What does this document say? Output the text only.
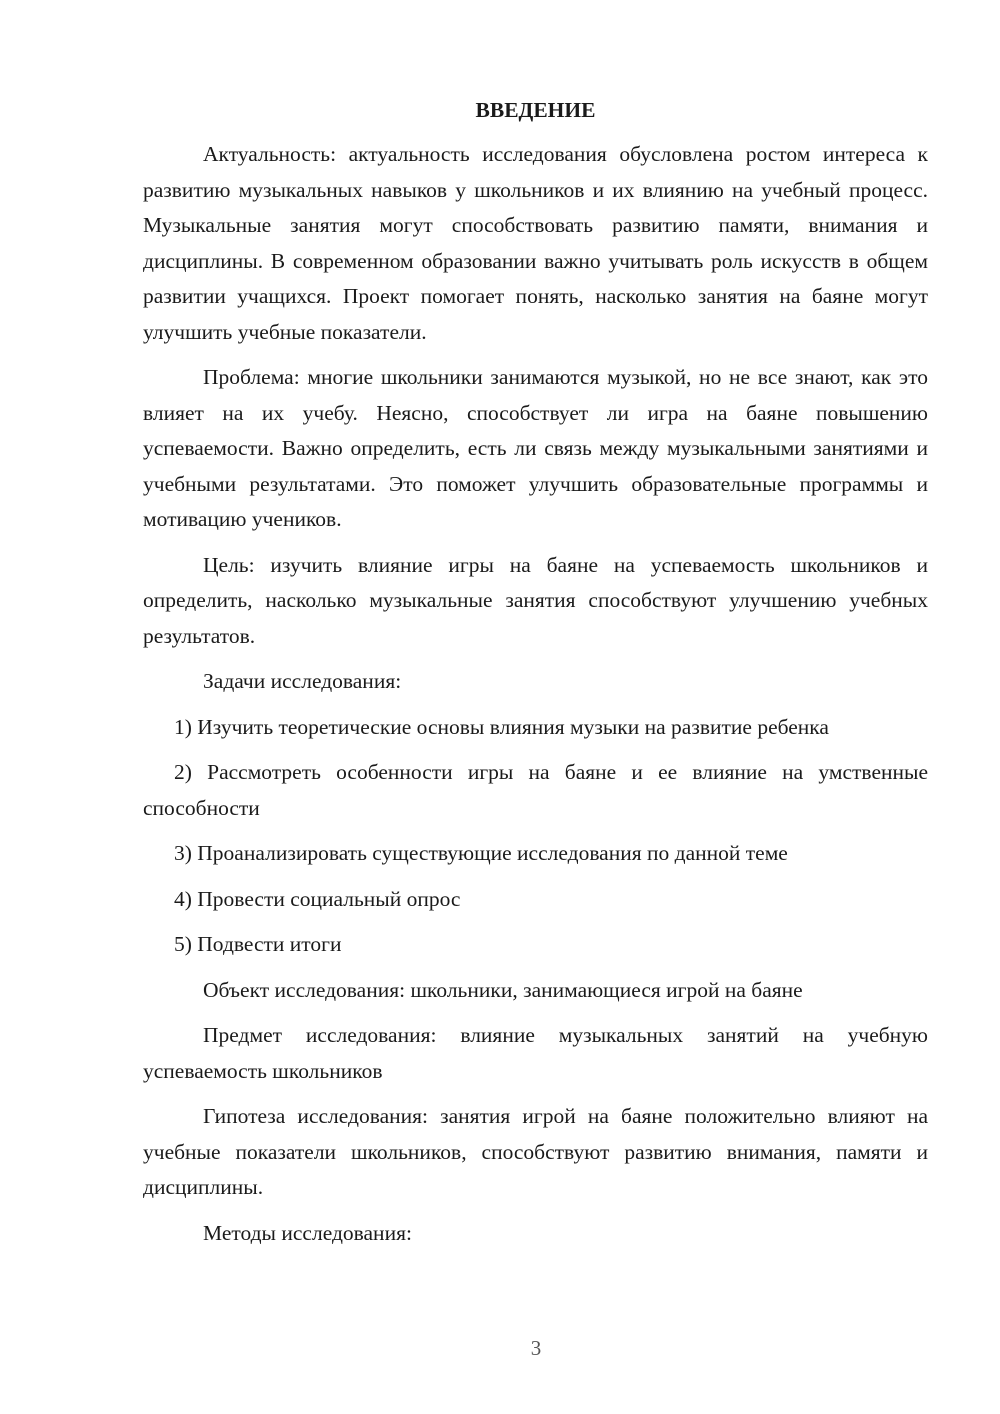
ВВЕДЕНИЕ

Актуальность: актуальность исследования обусловлена ростом интереса к развитию музыкальных навыков у школьников и их влиянию на учебный процесс. Музыкальные занятия могут способствовать развитию памяти, внимания и дисциплины. В современном образовании важно учитывать роль искусств в общем развитии учащихся. Проект помогает понять, насколько занятия на баяне могут улучшить учебные показатели.

Проблема: многие школьники занимаются музыкой, но не все знают, как это влияет на их учебу. Неясно, способствует ли игра на баяне повышению успеваемости. Важно определить, есть ли связь между музыкальными занятиями и учебными результатами. Это поможет улучшить образовательные программы и мотивацию учеников.

Цель: изучить влияние игры на баяне на успеваемость школьников и определить, насколько музыкальные занятия способствуют улучшению учебных результатов.

Задачи исследования:

1) Изучить теоретические основы влияния музыки на развитие ребенка

2) Рассмотреть особенности игры на баяне и ее влияние на умственные способности

3) Проанализировать существующие исследования по данной теме

4) Провести социальный опрос

5) Подвести итоги

Объект исследования: школьники, занимающиеся игрой на баяне

Предмет исследования: влияние музыкальных занятий на учебную успеваемость школьников

Гипотеза исследования: занятия игрой на баяне положительно влияют на учебные показатели школьников, способствуют развитию внимания, памяти и дисциплины.

Методы исследования:

3
